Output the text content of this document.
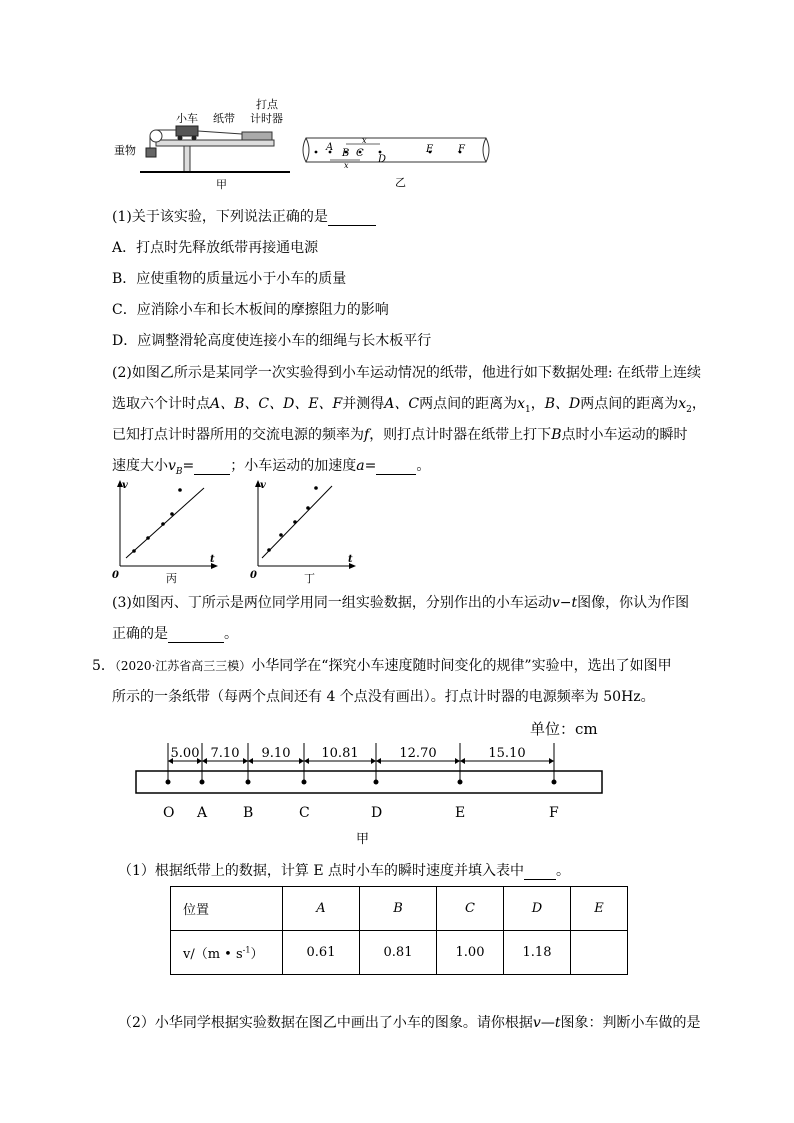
打点
计时器
小车 纸带
重物
甲
A
B C
D
E F
x
x
乙
(1)关于该实验，下列说法正确的是
A．打点时先释放纸带再接通电源
B．应使重物的质量远小于小车的质量
C．应消除小车和长木板间的摩擦阻力的影响
D．应调整滑轮高度使连接小车的细绳与长木板平行
(2)如图乙所示是某同学一次实验得到小车运动情况的纸带，他进行如下数据处理: 在纸带上连续
选取六个计时点A、B、C、D、E、F并测得A、C两点间的距离为$x_1$，B、D两点间的距离为$x_2$，
已知打点计时器所用的交流电源的频率为f，则打点计时器在纸带上打下B点时小车运动的瞬时
速度大小$v_B=$	；小车运动的加速度a=	。
v
t
0	丙
v
t
0	丁
(3)如图丙、丁所示是两位同学用同一组实验数据，分别作出的小车运动v−t图像，你认为作图
正确的是	。
5．（2020·江苏省高三三模）小华同学在“探究小车速度随时间变化的规律”实验中，选出了如图甲
所示的一条纸带（每两个点间还有 4 个点没有画出）。打点计时器的电源频率为 50Hz。
单位：cm
O A	B	C	D	E	F
5.00 7.10 9.10 10.81	12.70	15.10
甲
（1）根据纸带上的数据，计算 E 点时小车的瞬时速度并填入表中 。
位置	A	B	C	D	E
v/（m • $s^{-1}$）	0.61	0.81	1.00	1.18	
（2）小华同学根据实验数据在图乙中画出了小车的图象。请你根据v—t图象：判断小车做的是
